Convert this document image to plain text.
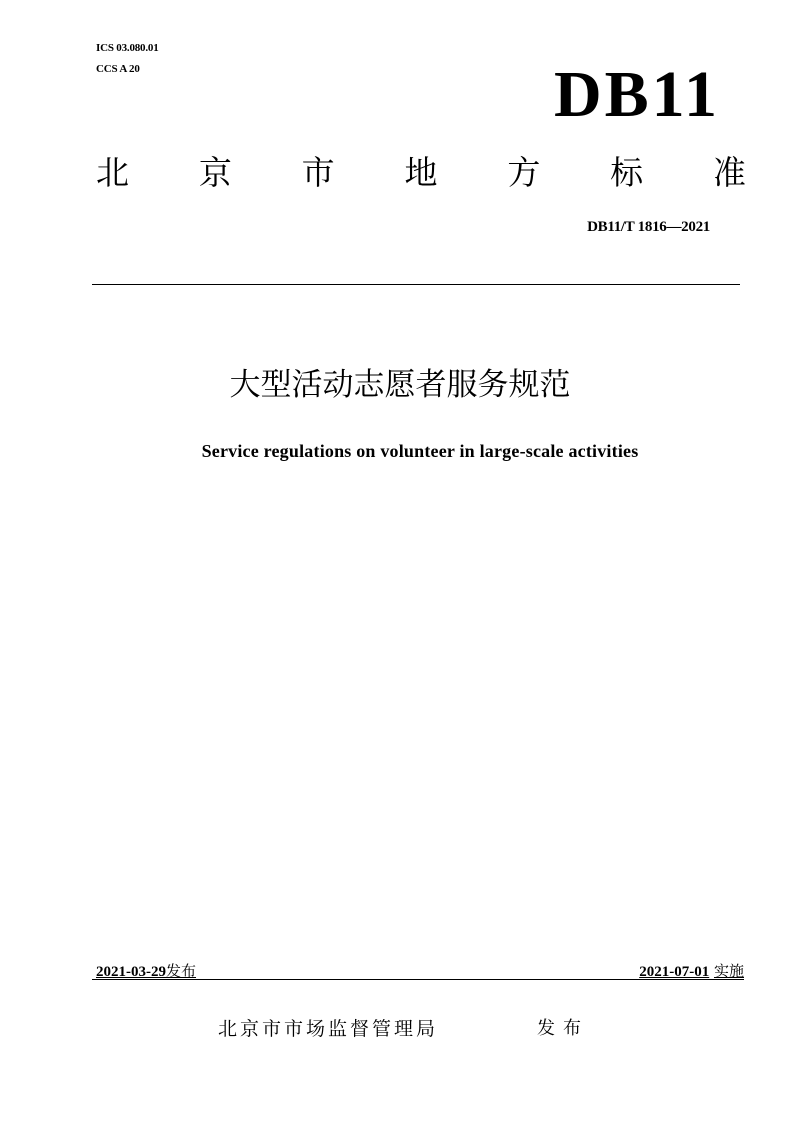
ICS 03.080.01
CCS A 20	DB11
北 京 市 地 方 标 准
DB11/T 1816—2021
大型活动志愿者服务规范
Service regulations on volunteer in large-scale activities
2021-03-29发布	2021-07-01 实施
北京市市场监督管理局	发布
